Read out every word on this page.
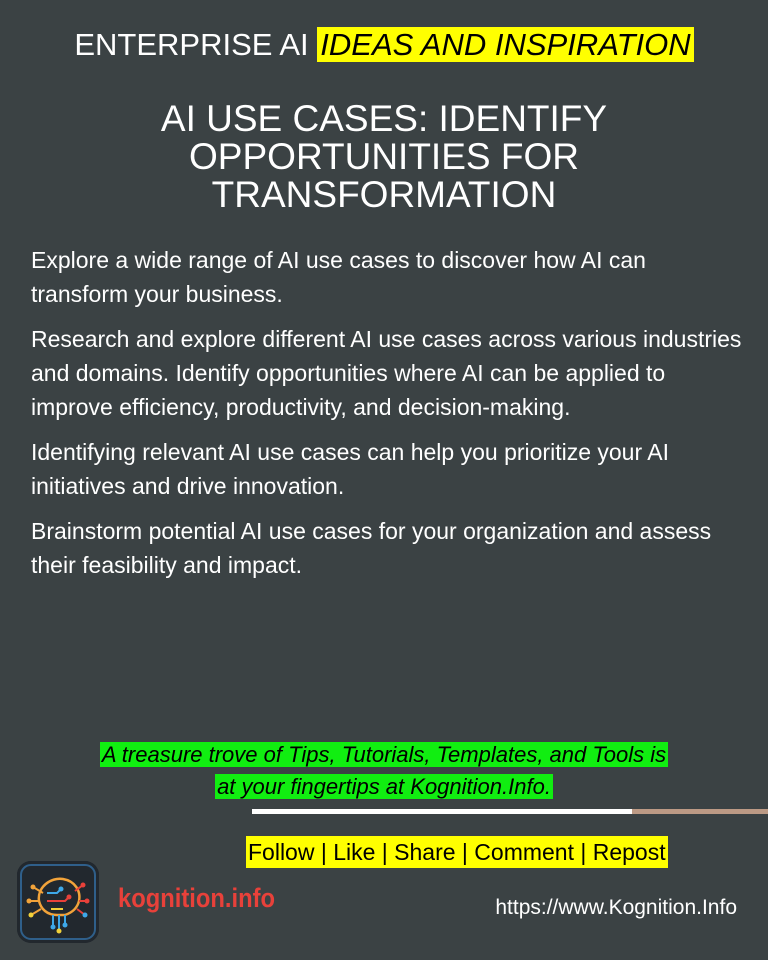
ENTERPRISE AI IDEAS AND INSPIRATION
AI USE CASES: IDENTIFY
OPPORTUNITIES FOR
TRANSFORMATION

Explore a wide range of AI use cases to discover how AI can transform your business.

Research and explore different AI use cases across various industries and domains. Identify opportunities where AI can be applied to improve efficiency, productivity, and decision-making.

Identifying relevant AI use cases can help you prioritize your AI initiatives and drive innovation.

Brainstorm potential AI use cases for your organization and assess their feasibility and impact.

A treasure trove of Tips, Tutorials, Templates, and Tools is
at your fingertips at Kognition.Info.
Follow | Like | Share | Comment | Repost
kognition.info	https://www.Kognition.Info
